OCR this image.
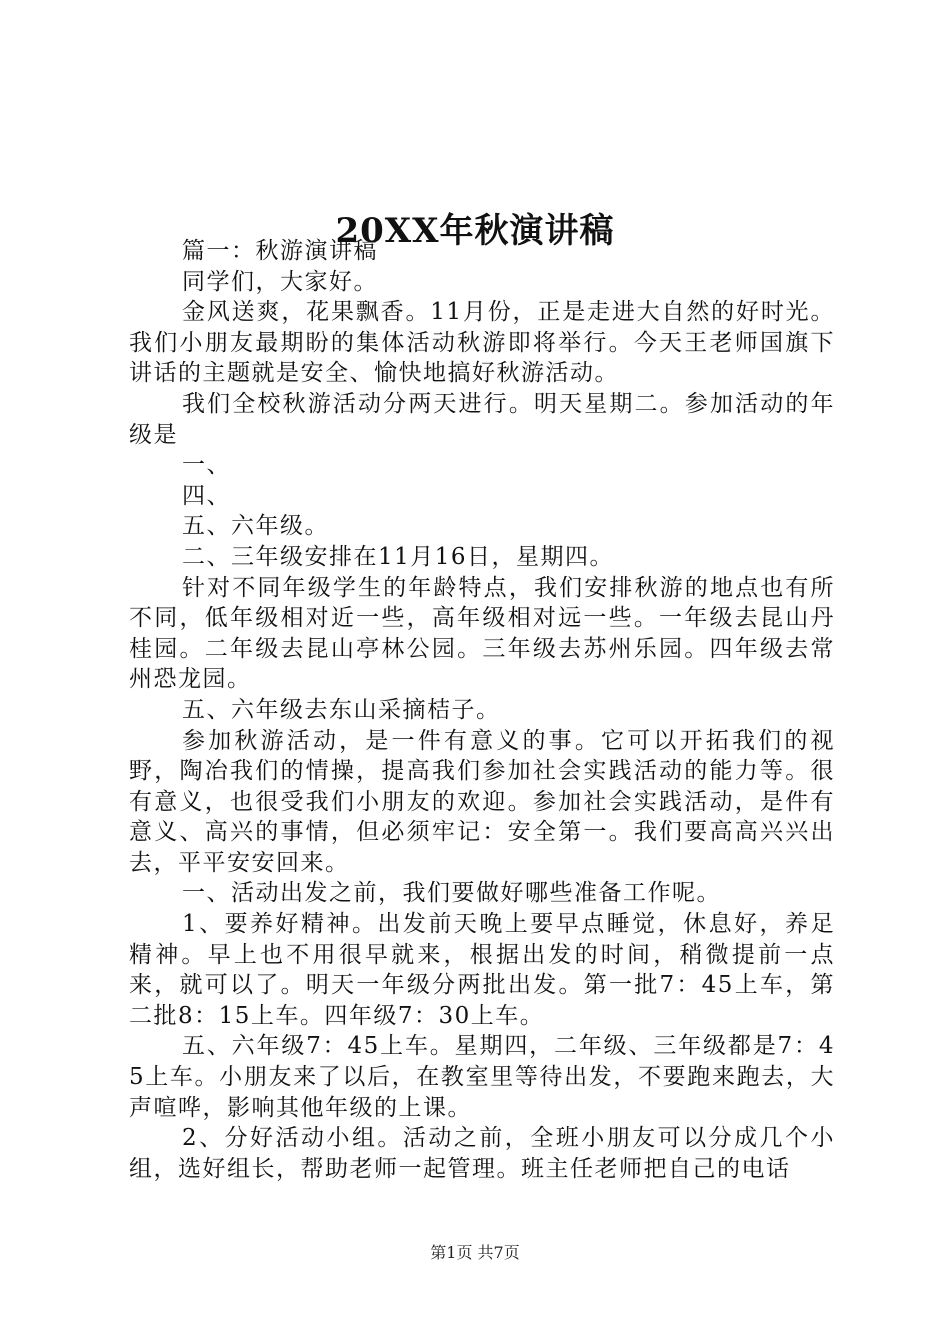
20XX年秋演讲稿

篇一：秋游演讲稿

同学们，大家好。

金风送爽，花果飘香。11月份，正是走进大自然的好时光。我们小朋友最期盼的集体活动秋游即将举行。今天王老师国旗下讲话的主题就是安全、愉快地搞好秋游活动。

我们全校秋游活动分两天进行。明天星期二。参加活动的年级是

一、

四、

五、六年级。

二、三年级安排在11月16日，星期四。

针对不同年级学生的年龄特点，我们安排秋游的地点也有所不同，低年级相对近一些，高年级相对远一些。一年级去昆山丹桂园。二年级去昆山亭林公园。三年级去苏州乐园。四年级去常州恐龙园。

五、六年级去东山采摘桔子。

参加秋游活动，是一件有意义的事。它可以开拓我们的视野，陶冶我们的情操，提高我们参加社会实践活动的能力等。很有意义，也很受我们小朋友的欢迎。参加社会实践活动，是件有意义、高兴的事情，但必须牢记：安全第一。我们要高高兴兴出去，平平安安回来。

一、活动出发之前，我们要做好哪些准备工作呢。

1、要养好精神。出发前天晚上要早点睡觉，休息好，养足精神。早上也不用很早就来，根据出发的时间，稍微提前一点来，就可以了。明天一年级分两批出发。第一批7：45上车，第二批8：15上车。四年级7：30上车。

五、六年级7：45上车。星期四，二年级、三年级都是7：45上车。小朋友来了以后，在教室里等待出发，不要跑来跑去，大声喧哗，影响其他年级的上课。

2、分好活动小组。活动之前，全班小朋友可以分成几个小组，选好组长，帮助老师一起管理。班主任老师把自己的电话

第1页 共7页
